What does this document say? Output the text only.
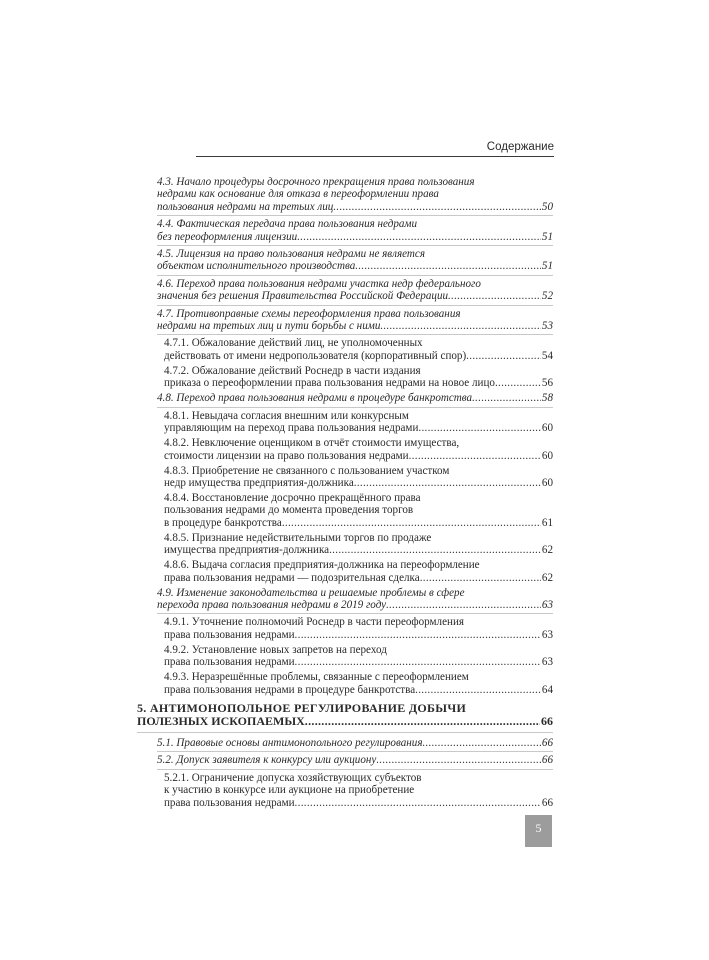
Содержание
4.3. Начало процедуры досрочного прекращения права пользования
недрами как основание для отказа в переоформлении права
пользования недрами на третьих лиц .....	50
4.4. Фактическая передача права пользования недрами
без переоформления лицензии .....	51
4.5. Лицензия на право пользования недрами не является
объектом исполнительного производства .....	51
4.6. Переход права пользования недрами участка недр федерального
значения без решения Правительства Российской Федерации .....	52
4.7. Противоправные схемы переоформления права пользования
недрами на третьих лиц и пути борьбы с ними .....	53
4.7.1. Обжалование действий лиц, не уполномоченных
действовать от имени недропользователя (корпоративный спор) .....	54
4.7.2. Обжалование действий Роснедр в части издания
приказа о переоформлении права пользования недрами на новое лицо .....	56
4.8. Переход права пользования недрами в процедуре банкротства .....	58
4.8.1. Невыдача согласия внешним или конкурсным
управляющим на переход права пользования недрами .....	60
4.8.2. Невключение оценщиком в отчёт стоимости имущества,
стоимости лицензии на право пользования недрами .....	60
4.8.3. Приобретение не связанного с пользованием участком
недр имущества предприятия-должника .....	60
4.8.4. Восстановление досрочно прекращённого права
пользования недрами до момента проведения торгов
в процедуре банкротства .....	61
4.8.5. Признание недействительными торгов по продаже
имущества предприятия-должника .....	62
4.8.6. Выдача согласия предприятия-должника на переоформление
права пользования недрами — подозрительная сделка .....	62
4.9. Изменение законодательства и решаемые проблемы в сфере
перехода права пользования недрами в 2019 году .....	63
4.9.1. Уточнение полномочий Роснедр в части переоформления
права пользования недрами .....	63
4.9.2. Установление новых запретов на переход
права пользования недрами .....	63
4.9.3. Неразрешённые проблемы, связанные с переоформлением
права пользования недрами в процедуре банкротства .....	64
5. АНТИМОНОПОЛЬНОЕ РЕГУЛИРОВАНИЕ ДОБЫЧИ
ПОЛЕЗНЫХ ИСКОПАЕМЫХ .....	66
5.1. Правовые основы антимонопольного регулирования .....	66
5.2. Допуск заявителя к конкурсу или аукциону .....	66
5.2.1. Ограничение допуска хозяйствующих субъектов
к участию в конкурсе или аукционе на приобретение
права пользования недрами .....	66
5
